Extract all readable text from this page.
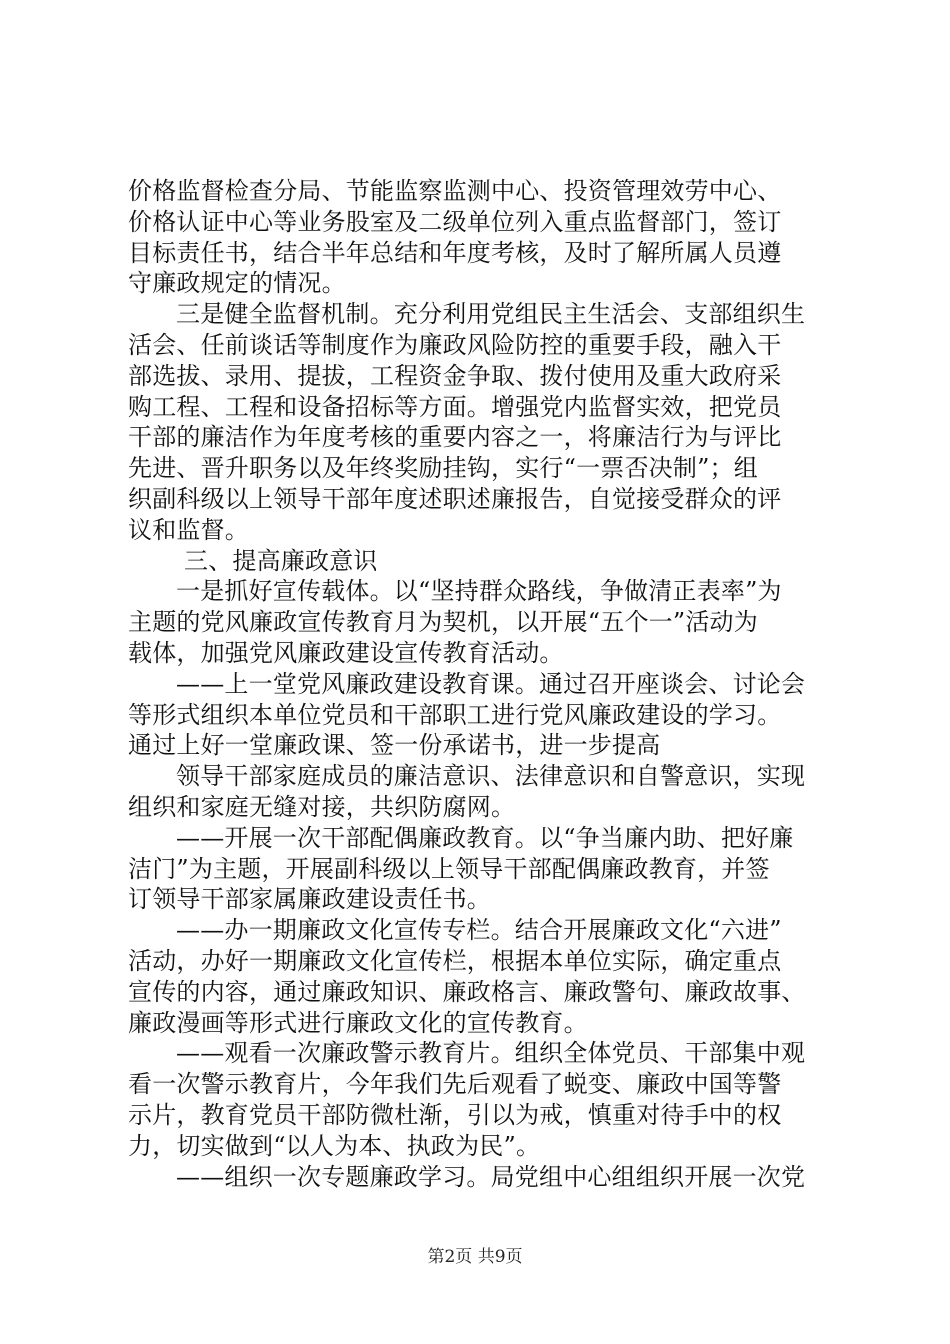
价格监督检查分局、节能监察监测中心、投资管理效劳中心、
价格认证中心等业务股室及二级单位列入重点监督部门，签订
目标责任书，结合半年总结和年度考核，及时了解所属人员遵
守廉政规定的情况。
三是健全监督机制。充分利用党组民主生活会、支部组织生
活会、任前谈话等制度作为廉政风险防控的重要手段，融入干
部选拔、录用、提拔，工程资金争取、拨付使用及重大政府采
购工程、工程和设备招标等方面。增强党内监督实效，把党员
干部的廉洁作为年度考核的重要内容之一，将廉洁行为与评比
先进、晋升职务以及年终奖励挂钩，实行“一票否决制”；组
织副科级以上领导干部年度述职述廉报告，自觉接受群众的评
议和监督。
三、提高廉政意识
一是抓好宣传载体。以“坚持群众路线，争做清正表率”为
主题的党风廉政宣传教育月为契机，以开展“五个一”活动为
载体，加强党风廉政建设宣传教育活动。
——上一堂党风廉政建设教育课。通过召开座谈会、讨论会
等形式组织本单位党员和干部职工进行党风廉政建设的学习。
通过上好一堂廉政课、签一份承诺书，进一步提高
领导干部家庭成员的廉洁意识、法律意识和自警意识，实现
组织和家庭无缝对接，共织防腐网。
——开展一次干部配偶廉政教育。以“争当廉内助、把好廉
洁门”为主题，开展副科级以上领导干部配偶廉政教育，并签
订领导干部家属廉政建设责任书。
——办一期廉政文化宣传专栏。结合开展廉政文化“六进”
活动，办好一期廉政文化宣传栏，根据本单位实际，确定重点
宣传的内容，通过廉政知识、廉政格言、廉政警句、廉政故事、
廉政漫画等形式进行廉政文化的宣传教育。
——观看一次廉政警示教育片。组织全体党员、干部集中观
看一次警示教育片，今年我们先后观看了蜕变、廉政中国等警
示片，教育党员干部防微杜渐，引以为戒，慎重对待手中的权
力，切实做到“以人为本、执政为民”。
——组织一次专题廉政学习。局党组中心组组织开展一次党
第2页 共9页
